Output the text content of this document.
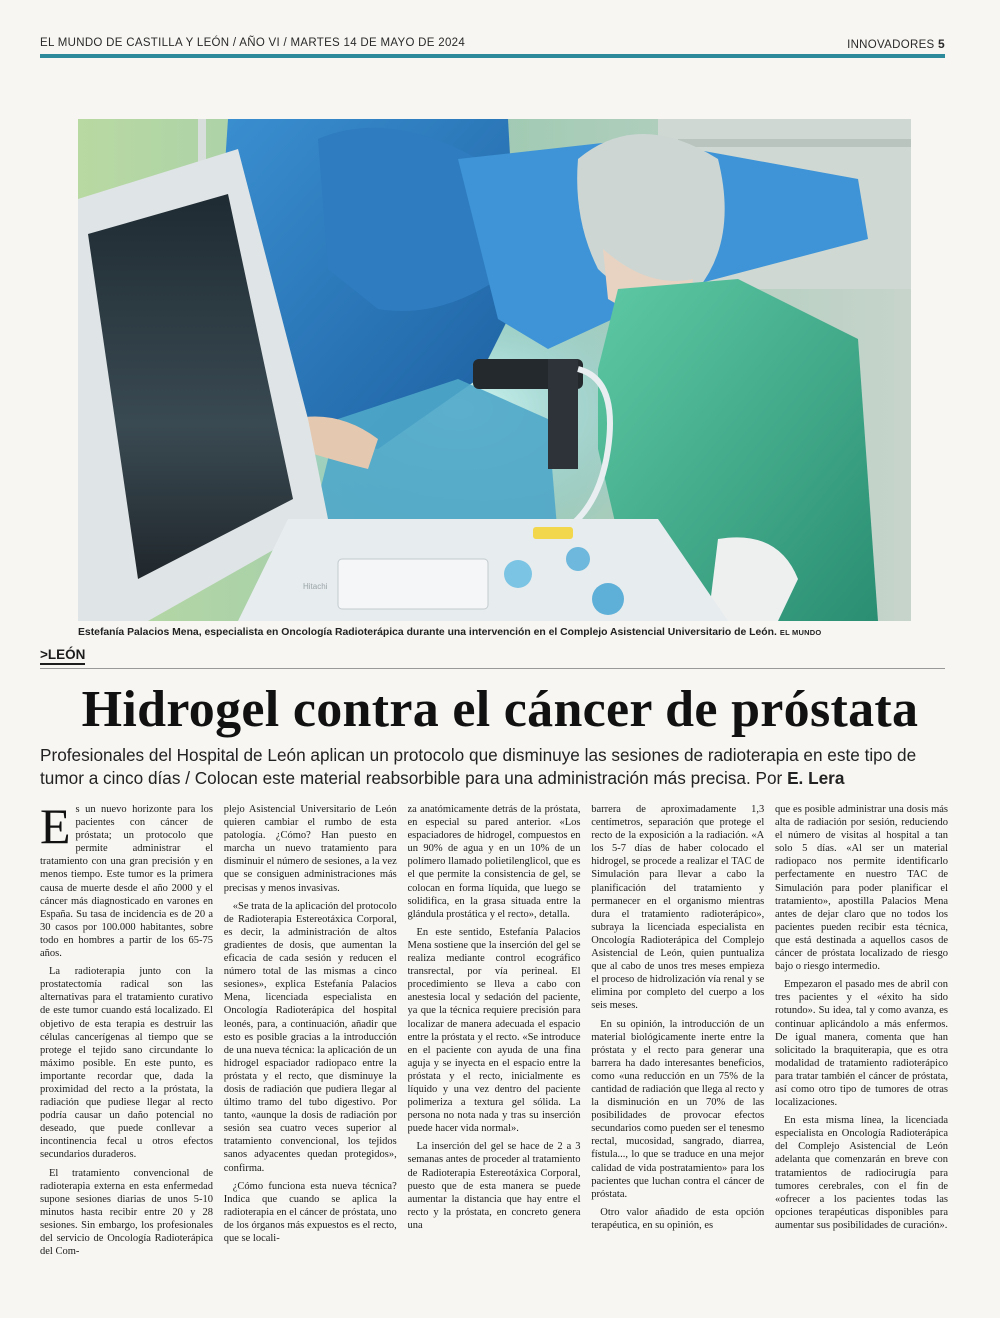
EL MUNDO DE CASTILLA Y LEÓN / AÑO VI / MARTES 14 DE MAYO DE 2024	INNOVADORES 5
Hitachi
Estefanía Palacios Mena, especialista en Oncología Radioterápica durante una intervención en el Complejo Asistencial Universitario de León. EL MUNDO
>LEÓN
Hidrogel contra el cáncer de próstata
Profesionales del Hospital de León aplican un protocolo que disminuye las sesiones de radioterapia en este tipo de tumor a cinco días / Colocan este material reabsorbible para una administración más precisa. Por E. Lera

Es un nuevo horizonte para los pacientes con cáncer de próstata; un protocolo que permite administrar el tratamiento con una gran precisión y en menos tiempo. Este tumor es la primera causa de muerte desde el año 2000 y el cáncer más diagnosticado en varones en España. Su tasa de incidencia es de 20 a 30 casos por 100.000 habitantes, sobre todo en hombres a partir de los 65-75 años.

La radioterapia junto con la prostatectomía radical son las alternativas para el tratamiento curativo de este tumor cuando está localizado. El objetivo de esta terapia es destruir las células cancerígenas al tiempo que se protege el tejido sano circundante lo máximo posible. En este punto, es importante recordar que, dada la proximidad del recto a la próstata, la radiación que pudiese llegar al recto podría causar un daño potencial no deseado, que puede conllevar a incontinencia fecal u otros efectos secundarios duraderos.

El tratamiento convencional de radioterapia externa en esta enfermedad supone sesiones diarias de unos 5-10 minutos hasta recibir entre 20 y 28 sesiones. Sin embargo, los profesionales del servicio de Oncología Radioterápica del Com-

plejo Asistencial Universitario de León quieren cambiar el rumbo de esta patología. ¿Cómo? Han puesto en marcha un nuevo tratamiento para disminuir el número de sesiones, a la vez que se consiguen administraciones más precisas y menos invasivas.

«Se trata de la aplicación del protocolo de Radioterapia Estereotáxica Corporal, es decir, la administración de altos gradientes de dosis, que aumentan la eficacia de cada sesión y reducen el número total de las mismas a cinco sesiones», explica Estefanía Palacios Mena, licenciada especialista en Oncología Radioterápica del hospital leonés, para, a continuación, añadir que esto es posible gracias a la introducción de una nueva técnica: la aplicación de un hidrogel espaciador radiopaco entre la próstata y el recto, que disminuye la dosis de radiación que pudiera llegar al último tramo del tubo digestivo. Por tanto, «aunque la dosis de radiación por sesión sea cuatro veces superior al tratamiento convencional, los tejidos sanos adyacentes quedan protegidos», confirma.

¿Cómo funciona esta nueva técnica? Indica que cuando se aplica la radioterapia en el cáncer de próstata, uno de los órganos más expuestos es el recto, que se locali-

za anatómicamente detrás de la próstata, en especial su pared anterior. «Los espaciadores de hidrogel, compuestos en un 90% de agua y en un 10% de un polímero llamado polietilenglicol, que es el que permite la consistencia de gel, se colocan en forma líquida, que luego se solidifica, en la grasa situada entre la glándula prostática y el recto», detalla.

En este sentido, Estefanía Palacios Mena sostiene que la inserción del gel se realiza mediante control ecográfico transrectal, por vía perineal. El procedimiento se lleva a cabo con anestesia local y sedación del paciente, ya que la técnica requiere precisión para localizar de manera adecuada el espacio entre la próstata y el recto. «Se introduce en el paciente con ayuda de una fina aguja y se inyecta en el espacio entre la próstata y el recto, inicialmente es líquido y una vez dentro del paciente polimeriza a textura gel sólida. La persona no nota nada y tras su inserción puede hacer vida normal».

La inserción del gel se hace de 2 a 3 semanas antes de proceder al tratamiento de Radioterapia Estereotáxica Corporal, puesto que de esta manera se puede aumentar la distancia que hay entre el recto y la próstata, en concreto genera una

barrera de aproximadamente 1,3 centímetros, separación que protege el recto de la exposición a la radiación. «A los 5-7 días de haber colocado el hidrogel, se procede a realizar el TAC de Simulación para llevar a cabo la planificación del tratamiento y permanecer en el organismo mientras dura el tratamiento radioterápico», subraya la licenciada especialista en Oncología Radioterápica del Complejo Asistencial de León, quien puntualiza que al cabo de unos tres meses empieza el proceso de hidrolización vía renal y se elimina por completo del cuerpo a los seis meses.

En su opinión, la introducción de un material biológicamente inerte entre la próstata y el recto para generar una barrera ha dado interesantes beneficios, como «una reducción en un 75% de la cantidad de radiación que llega al recto y la disminución en un 70% de las posibilidades de provocar efectos secundarios como pueden ser el tenesmo rectal, mucosidad, sangrado, diarrea, fístula..., lo que se traduce en una mejor calidad de vida postratamiento» para los pacientes que luchan contra el cáncer de próstata.

Otro valor añadido de esta opción terapéutica, en su opinión, es

que es posible administrar una dosis más alta de radiación por sesión, reduciendo el número de visitas al hospital a tan solo 5 días. «Al ser un material radiopaco nos permite identificarlo perfectamente en nuestro TAC de Simulación para poder planificar el tratamiento», apostilla Palacios Mena antes de dejar claro que no todos los pacientes pueden recibir esta técnica, que está destinada a aquellos casos de cáncer de próstata localizado de riesgo bajo o riesgo intermedio.

Empezaron el pasado mes de abril con tres pacientes y el «éxito ha sido rotundo». Su idea, tal y como avanza, es continuar aplicándolo a más enfermos. De igual manera, comenta que han solicitado la braquiterapia, que es otra modalidad de tratamiento radioterápico para tratar también el cáncer de próstata, así como otro tipo de tumores de otras localizaciones.

En esta misma línea, la licenciada especialista en Oncología Radioterápica del Complejo Asistencial de León adelanta que comenzarán en breve con tratamientos de radiocirugía para tumores cerebrales, con el fin de «ofrecer a los pacientes todas las opciones terapéuticas disponibles para aumentar sus posibilidades de curación».
